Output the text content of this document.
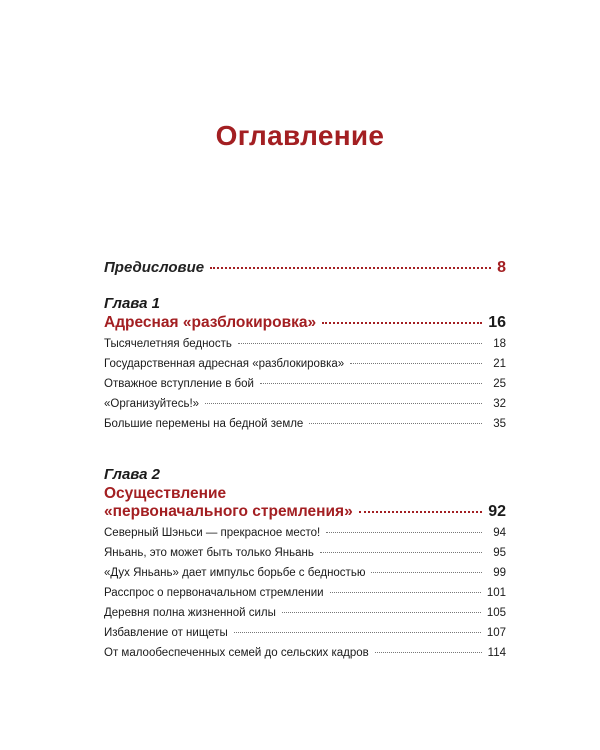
Оглавление
Предисловие	8
Глава 1
Адресная «разблокировка»	16
Тысячелетняя бедность	18
Государственная адресная «разблокировка»	21
Отважное вступление в бой	25
«Организуйтесь!»	32
Большие перемены на бедной земле	35
Глава 2
Осуществление
«первоначального стремления»	92
Северный Шэньси — прекрасное место!	94
Яньань, это может быть только Яньань	95
«Дух Яньань» дает импульс борьбе с бедностью	99
Расспрос о первоначальном стремлении	101
Деревня полна жизненной силы	105
Избавление от нищеты	107
От малообеспеченных семей до сельских кадров	114
